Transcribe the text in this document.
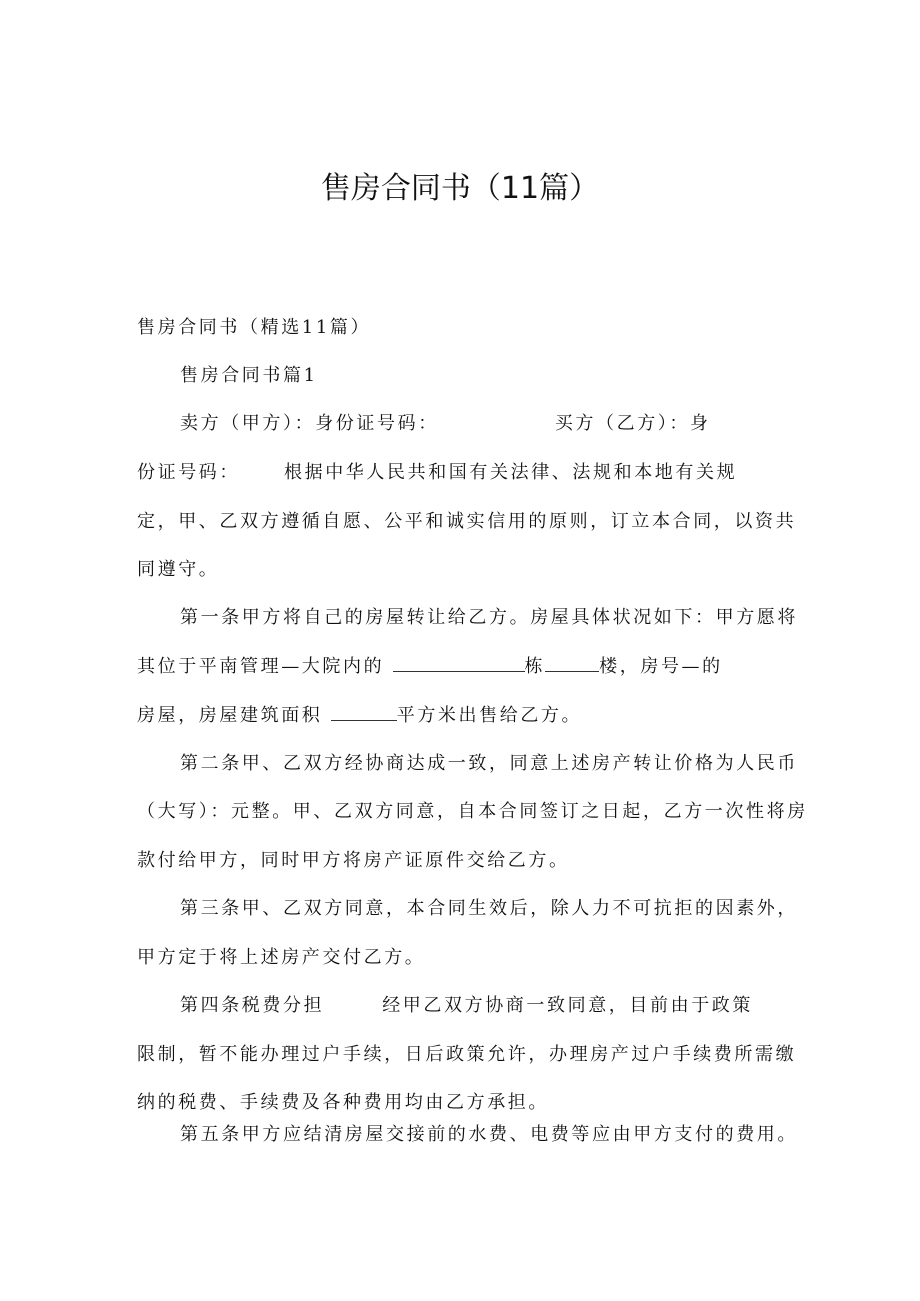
售房合同书（11篇）
售房合同书（精选11篇）
售房合同书篇1
卖方（甲方）：身份证号码：	买方（乙方）：身
份证号码： 根据中华人民共和国有关法律、法规和本地有关规
定，甲、乙双方遵循自愿、公平和诚实信用的原则，订立本合同，以资共
同遵守。
第一条甲方将自己的房屋转让给乙方。房屋具体状况如下：甲方愿将
其位于平南管理—大院内的	栋	楼，房号—的
房屋，房屋建筑面积	平方米出售给乙方。
第二条甲、乙双方经协商达成一致，同意上述房产转让价格为人民币
（大写）：元整。甲、乙双方同意，自本合同签订之日起，乙方一次性将房
款付给甲方，同时甲方将房产证原件交给乙方。
第三条甲、乙双方同意，本合同生效后，除人力不可抗拒的因素外，
甲方定于将上述房产交付乙方。
第四条税费分担	经甲乙双方协商一致同意，目前由于政策
限制，暂不能办理过户手续，日后政策允许，办理房产过户手续费所需缴
纳的税费、手续费及各种费用均由乙方承担。
第五条甲方应结清房屋交接前的水费、电费等应由甲方支付的费用。
